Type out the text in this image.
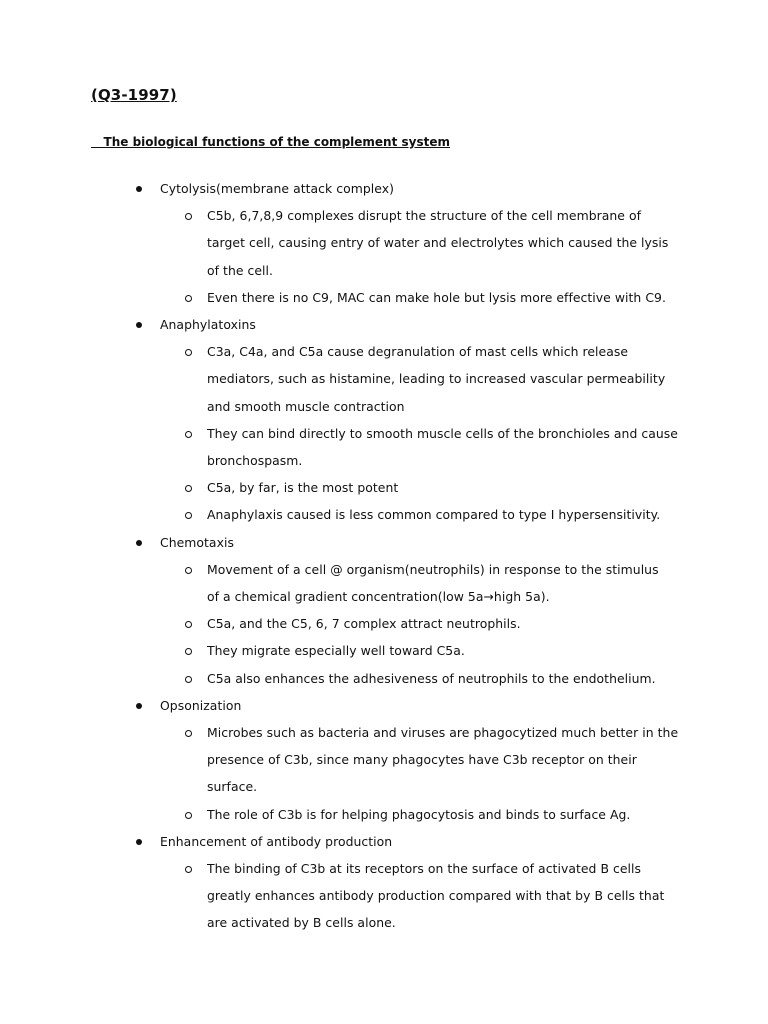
(Q3-1997)
The biological functions of the complement system
Cytolysis(membrane attack complex)
C5b, 6,7,8,9 complexes disrupt the structure of the cell membrane of
target cell, causing entry of water and electrolytes which caused the lysis
of the cell.
Even there is no C9, MAC can make hole but lysis more effective with C9.
Anaphylatoxins
C3a, C4a, and C5a cause degranulation of mast cells which release
mediators, such as histamine, leading to increased vascular permeability
and smooth muscle contraction
They can bind directly to smooth muscle cells of the bronchioles and cause
bronchospasm.
C5a, by far, is the most potent
Anaphylaxis caused is less common compared to type I hypersensitivity.
Chemotaxis
Movement of a cell @ organism(neutrophils) in response to the stimulus
of a chemical gradient concentration(low 5a→high 5a).
C5a, and the C5, 6, 7 complex attract neutrophils.
They migrate especially well toward C5a.
C5a also enhances the adhesiveness of neutrophils to the endothelium.
Opsonization
Microbes such as bacteria and viruses are phagocytized much better in the
presence of C3b, since many phagocytes have C3b receptor on their
surface.
The role of C3b is for helping phagocytosis and binds to surface Ag.
Enhancement of antibody production
The binding of C3b at its receptors on the surface of activated B cells
greatly enhances antibody production compared with that by B cells that
are activated by B cells alone.
